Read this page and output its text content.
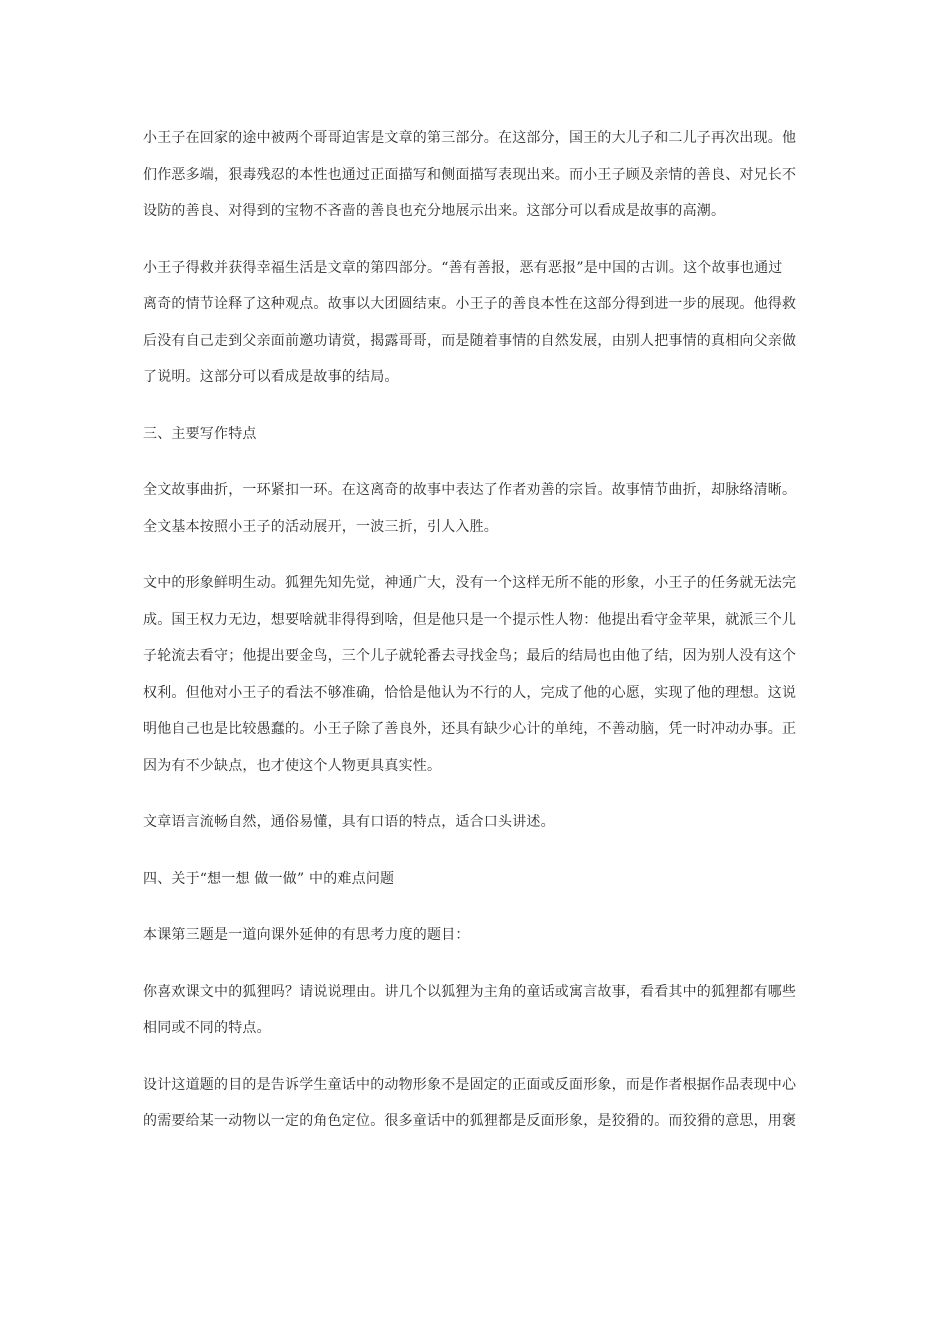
小王子在回家的途中被两个哥哥迫害是文章的第三部分。在这部分，国王的大儿子和二儿子再次出现。他
们作恶多端，狠毒残忍的本性也通过正面描写和侧面描写表现出来。而小王子顾及亲情的善良、对兄长不
设防的善良、对得到的宝物不吝啬的善良也充分地展示出来。这部分可以看成是故事的高潮。

小王子得救并获得幸福生活是文章的第四部分。“善有善报，恶有恶报”是中国的古训。这个故事也通过
离奇的情节诠释了这种观点。故事以大团圆结束。小王子的善良本性在这部分得到进一步的展现。他得救
后没有自己走到父亲面前邀功请赏，揭露哥哥，而是随着事情的自然发展，由别人把事情的真相向父亲做
了说明。这部分可以看成是故事的结局。

三、主要写作特点

全文故事曲折，一环紧扣一环。在这离奇的故事中表达了作者劝善的宗旨。故事情节曲折，却脉络清晰。
全文基本按照小王子的活动展开，一波三折，引人入胜。

文中的形象鲜明生动。狐狸先知先觉，神通广大，没有一个这样无所不能的形象，小王子的任务就无法完
成。国王权力无边，想要啥就非得得到啥，但是他只是一个提示性人物：他提出看守金苹果，就派三个儿
子轮流去看守；他提出要金鸟，三个儿子就轮番去寻找金鸟；最后的结局也由他了结，因为别人没有这个
权利。但他对小王子的看法不够准确，恰恰是他认为不行的人，完成了他的心愿，实现了他的理想。这说
明他自己也是比较愚蠢的。小王子除了善良外，还具有缺少心计的单纯，不善动脑，凭一时冲动办事。正
因为有不少缺点，也才使这个人物更具真实性。

文章语言流畅自然，通俗易懂，具有口语的特点，适合口头讲述。

四、关于“想一想 做一做” 中的难点问题

本课第三题是一道向课外延伸的有思考力度的题目：

你喜欢课文中的狐狸吗？请说说理由。讲几个以狐狸为主角的童话或寓言故事，看看其中的狐狸都有哪些
相同或不同的特点。

设计这道题的目的是告诉学生童话中的动物形象不是固定的正面或反面形象，而是作者根据作品表现中心
的需要给某一动物以一定的角色定位。很多童话中的狐狸都是反面形象，是狡猾的。而狡猾的意思，用褒
